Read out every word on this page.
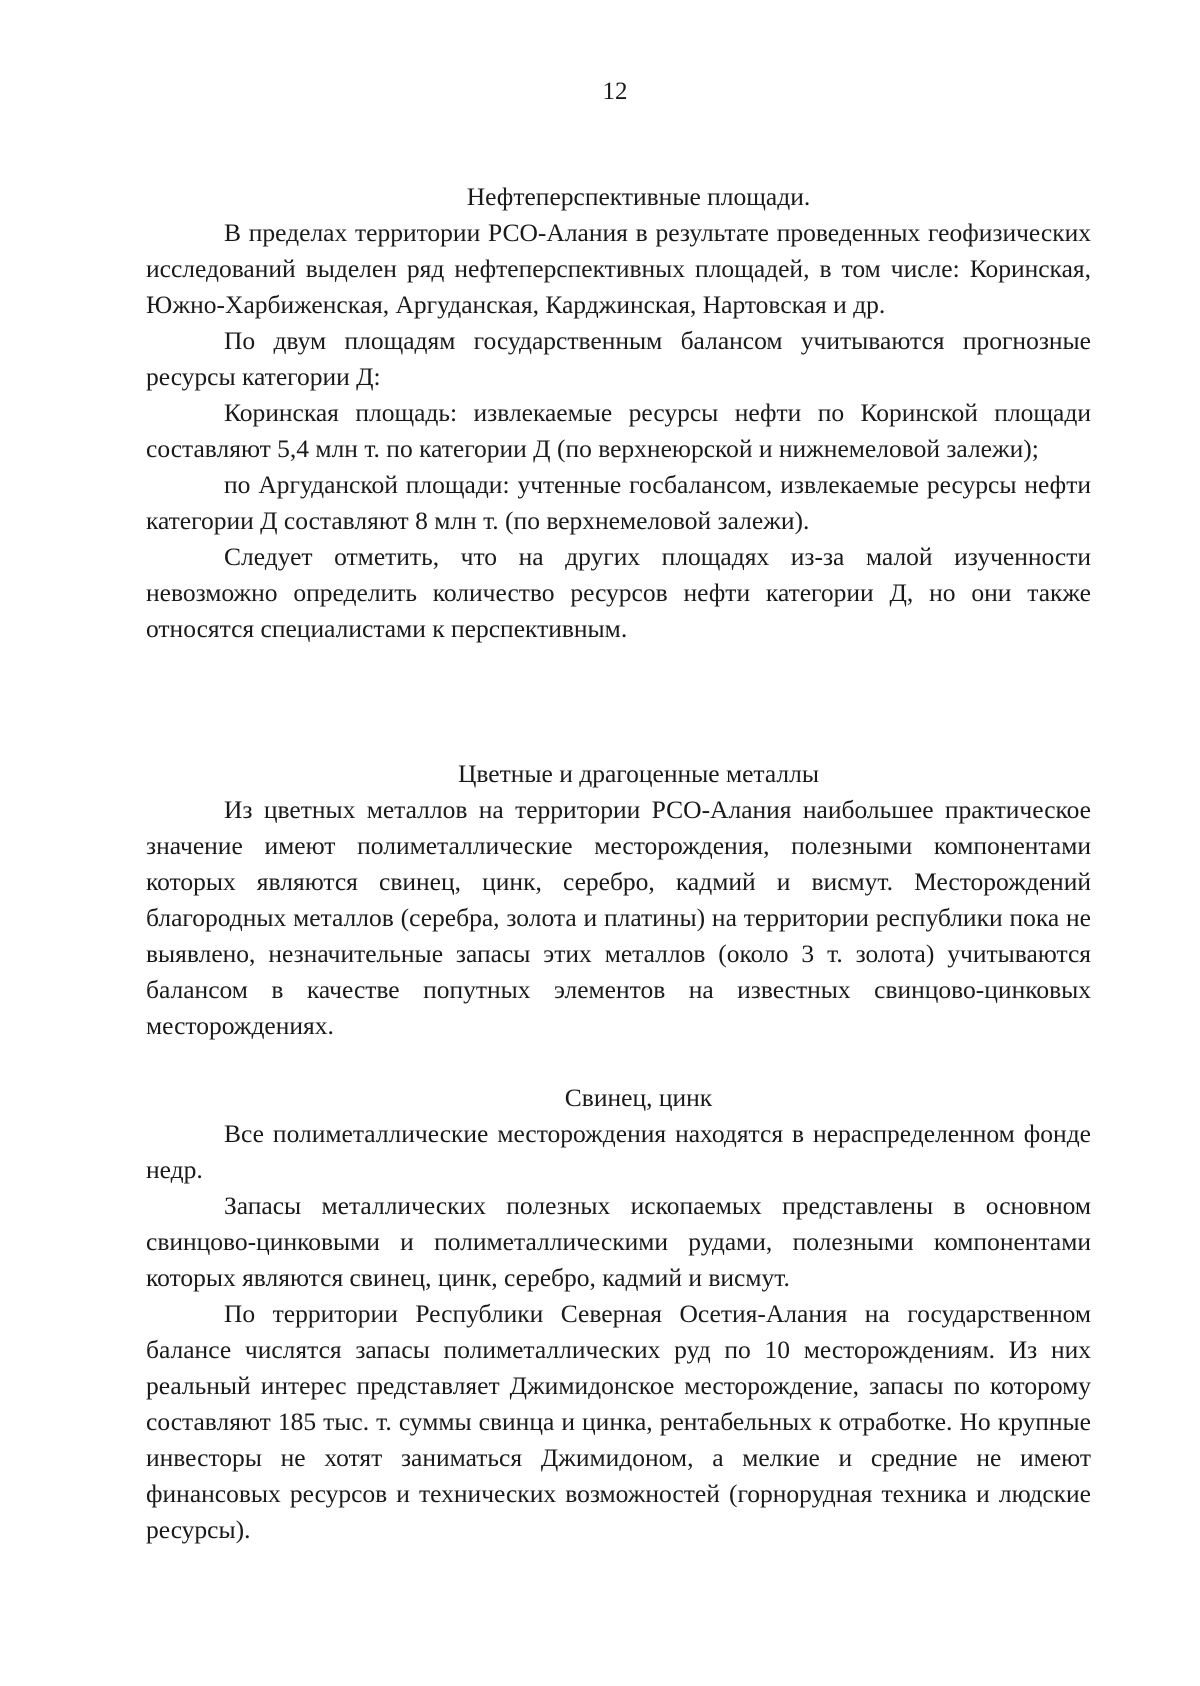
12

Нефтеперспективные площади.

В пределах территории РСО-Алания в результате проведенных геофизических исследований выделен ряд нефтеперспективных площадей, в том числе: Коринская, Южно-Харбиженская, Аргуданская, Карджинская, Нартовская и др.

По двум площадям государственным балансом учитываются прогнозные ресурсы категории Д:

Коринская площадь: извлекаемые ресурсы нефти по Коринской площади составляют 5,4 млн т. по категории Д (по верхнеюрской и нижнемеловой залежи);

по Аргуданской площади: учтенные госбалансом, извлекаемые ресурсы нефти категории Д составляют 8 млн т. (по верхнемеловой залежи).

Следует отметить, что на других площадях из-за малой изученности невозможно определить количество ресурсов нефти категории Д, но они также относятся специалистами к перспективным.

Цветные и драгоценные металлы

Из цветных металлов на территории РСО-Алания наибольшее практическое значение имеют полиметаллические месторождения, полезными компонентами которых являются свинец, цинк, серебро, кадмий и висмут. Месторождений благородных металлов (серебра, золота и платины) на территории республики пока не выявлено, незначительные запасы этих металлов (около 3 т. золота) учитываются балансом в качестве попутных элементов на известных свинцово-цинковых месторождениях.

Свинец, цинк

Все полиметаллические месторождения находятся в нераспределенном фонде недр.

Запасы металлических полезных ископаемых представлены в основном свинцово-цинковыми и полиметаллическими рудами, полезными компонентами которых являются свинец, цинк, серебро, кадмий и висмут.

По территории Республики Северная Осетия-Алания на государственном балансе числятся запасы полиметаллических руд по 10 месторождениям. Из них реальный интерес представляет Джимидонское месторождение, запасы по которому составляют 185 тыс. т. суммы свинца и цинка, рентабельных к отработке. Но крупные инвесторы не хотят заниматься Джимидоном, а мелкие и средние не имеют финансовых ресурсов и технических возможностей (горнорудная техника и людские ресурсы).
